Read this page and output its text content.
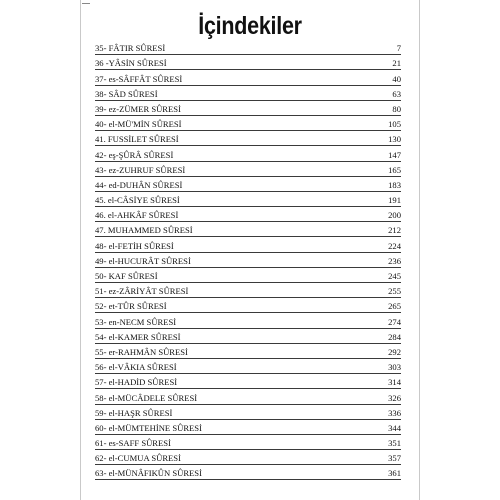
İçindekiler
35- FÂTIR SÛRESİ	7
36 -YÂSİN SÛRESİ	21
37- es-SÂFFÂT SÛRESİ	40
38- SÂD SÛRESİ	63
39- ez-ZÜMER SÛRESİ	80
40- el-MÜ'MİN SÛRESİ	105
41. FUSSİLET SÛRESİ	130
42- eş-ŞÛRÂ SÛRESİ	147
43- ez-ZUHRUF SÛRESİ	165
44- ed-DUHÂN SÛRESİ	183
45. el-CÂSİYE SÛRESİ	191
46. el-AHKÂF SÛRESİ	200
47. MUHAMMED SÛRESİ	212
48- el-FETİH SÛRESİ	224
49- el-HUCURÂT SÛRESİ	236
50- KAF SÛRESİ	245
51- ez-ZÂRİYÂT SÛRESİ	255
52- et-TÛR SÛRESİ	265
53- en-NECM SÛRESİ	274
54- el-KAMER SÛRESİ	284
55- er-RAHMÂN SÛRESİ	292
56- el-VÂKIA SÛRESİ	303
57- el-HADİD SÛRESİ	314
58- el-MÜCÂDELE SÛRESİ	326
59- el-HAŞR SÛRESİ	336
60- el-MÜMTEHİNE SÛRESİ	344
61- es-SAFF SÛRESİ	351
62- el-CUMUA SÛRESİ	357
63- el-MÜNÂFIKÛN SÛRESİ	361
